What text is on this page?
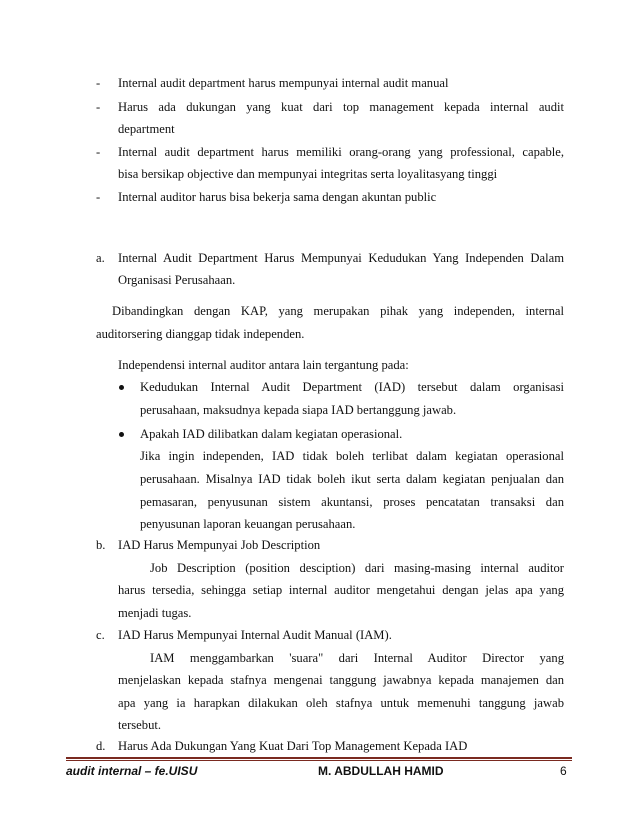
- Internal audit department harus mempunyai internal audit manual
- Harus ada dukungan yang kuat dari top management kepada internal audit
department
- Internal audit department harus memiliki orang-orang yang professional, capable,
bisa bersikap objective dan mempunyai integritas serta loyalitasyang tinggi
- Internal auditor harus bisa bekerja sama dengan akuntan public
a. Internal Audit Department Harus Mempunyai Kedudukan Yang Independen Dalam
Organisasi Perusahaan.
Dibandingkan dengan KAP, yang merupakan pihak yang independen, internal
auditorsering dianggap tidak independen.
Independensi internal auditor antara lain tergantung pada:
Kedudukan Internal Audit Department (IAD) tersebut dalam organisasi
perusahaan, maksudnya kepada siapa IAD bertanggung jawab.
Apakah IAD dilibatkan dalam kegiatan operasional.
Jika ingin independen, IAD tidak boleh terlibat dalam kegiatan operasional
perusahaan. Misalnya IAD tidak boleh ikut serta dalam kegiatan penjualan dan
pemasaran, penyusunan sistem akuntansi, proses pencatatan transaksi dan
penyusunan laporan keuangan perusahaan.
b. IAD Harus Mempunyai Job Description
Job Description (position desciption) dari masing-masing internal auditor
harus tersedia, sehingga setiap internal auditor mengetahui dengan jelas apa yang
menjadi tugas.
c. IAD Harus Mempunyai Internal Audit Manual (IAM).
IAM menggambarkan 'suara" dari Internal Auditor Director yang
menjelaskan kepada stafnya mengenai tanggung jawabnya kepada manajemen dan
apa yang ia harapkan dilakukan oleh stafnya untuk memenuhi tanggung jawab
tersebut.
d. Harus Ada Dukungan Yang Kuat Dari Top Management Kepada IAD
audit internal – fe.UISU	M. ABDULLAH HAMID	6
